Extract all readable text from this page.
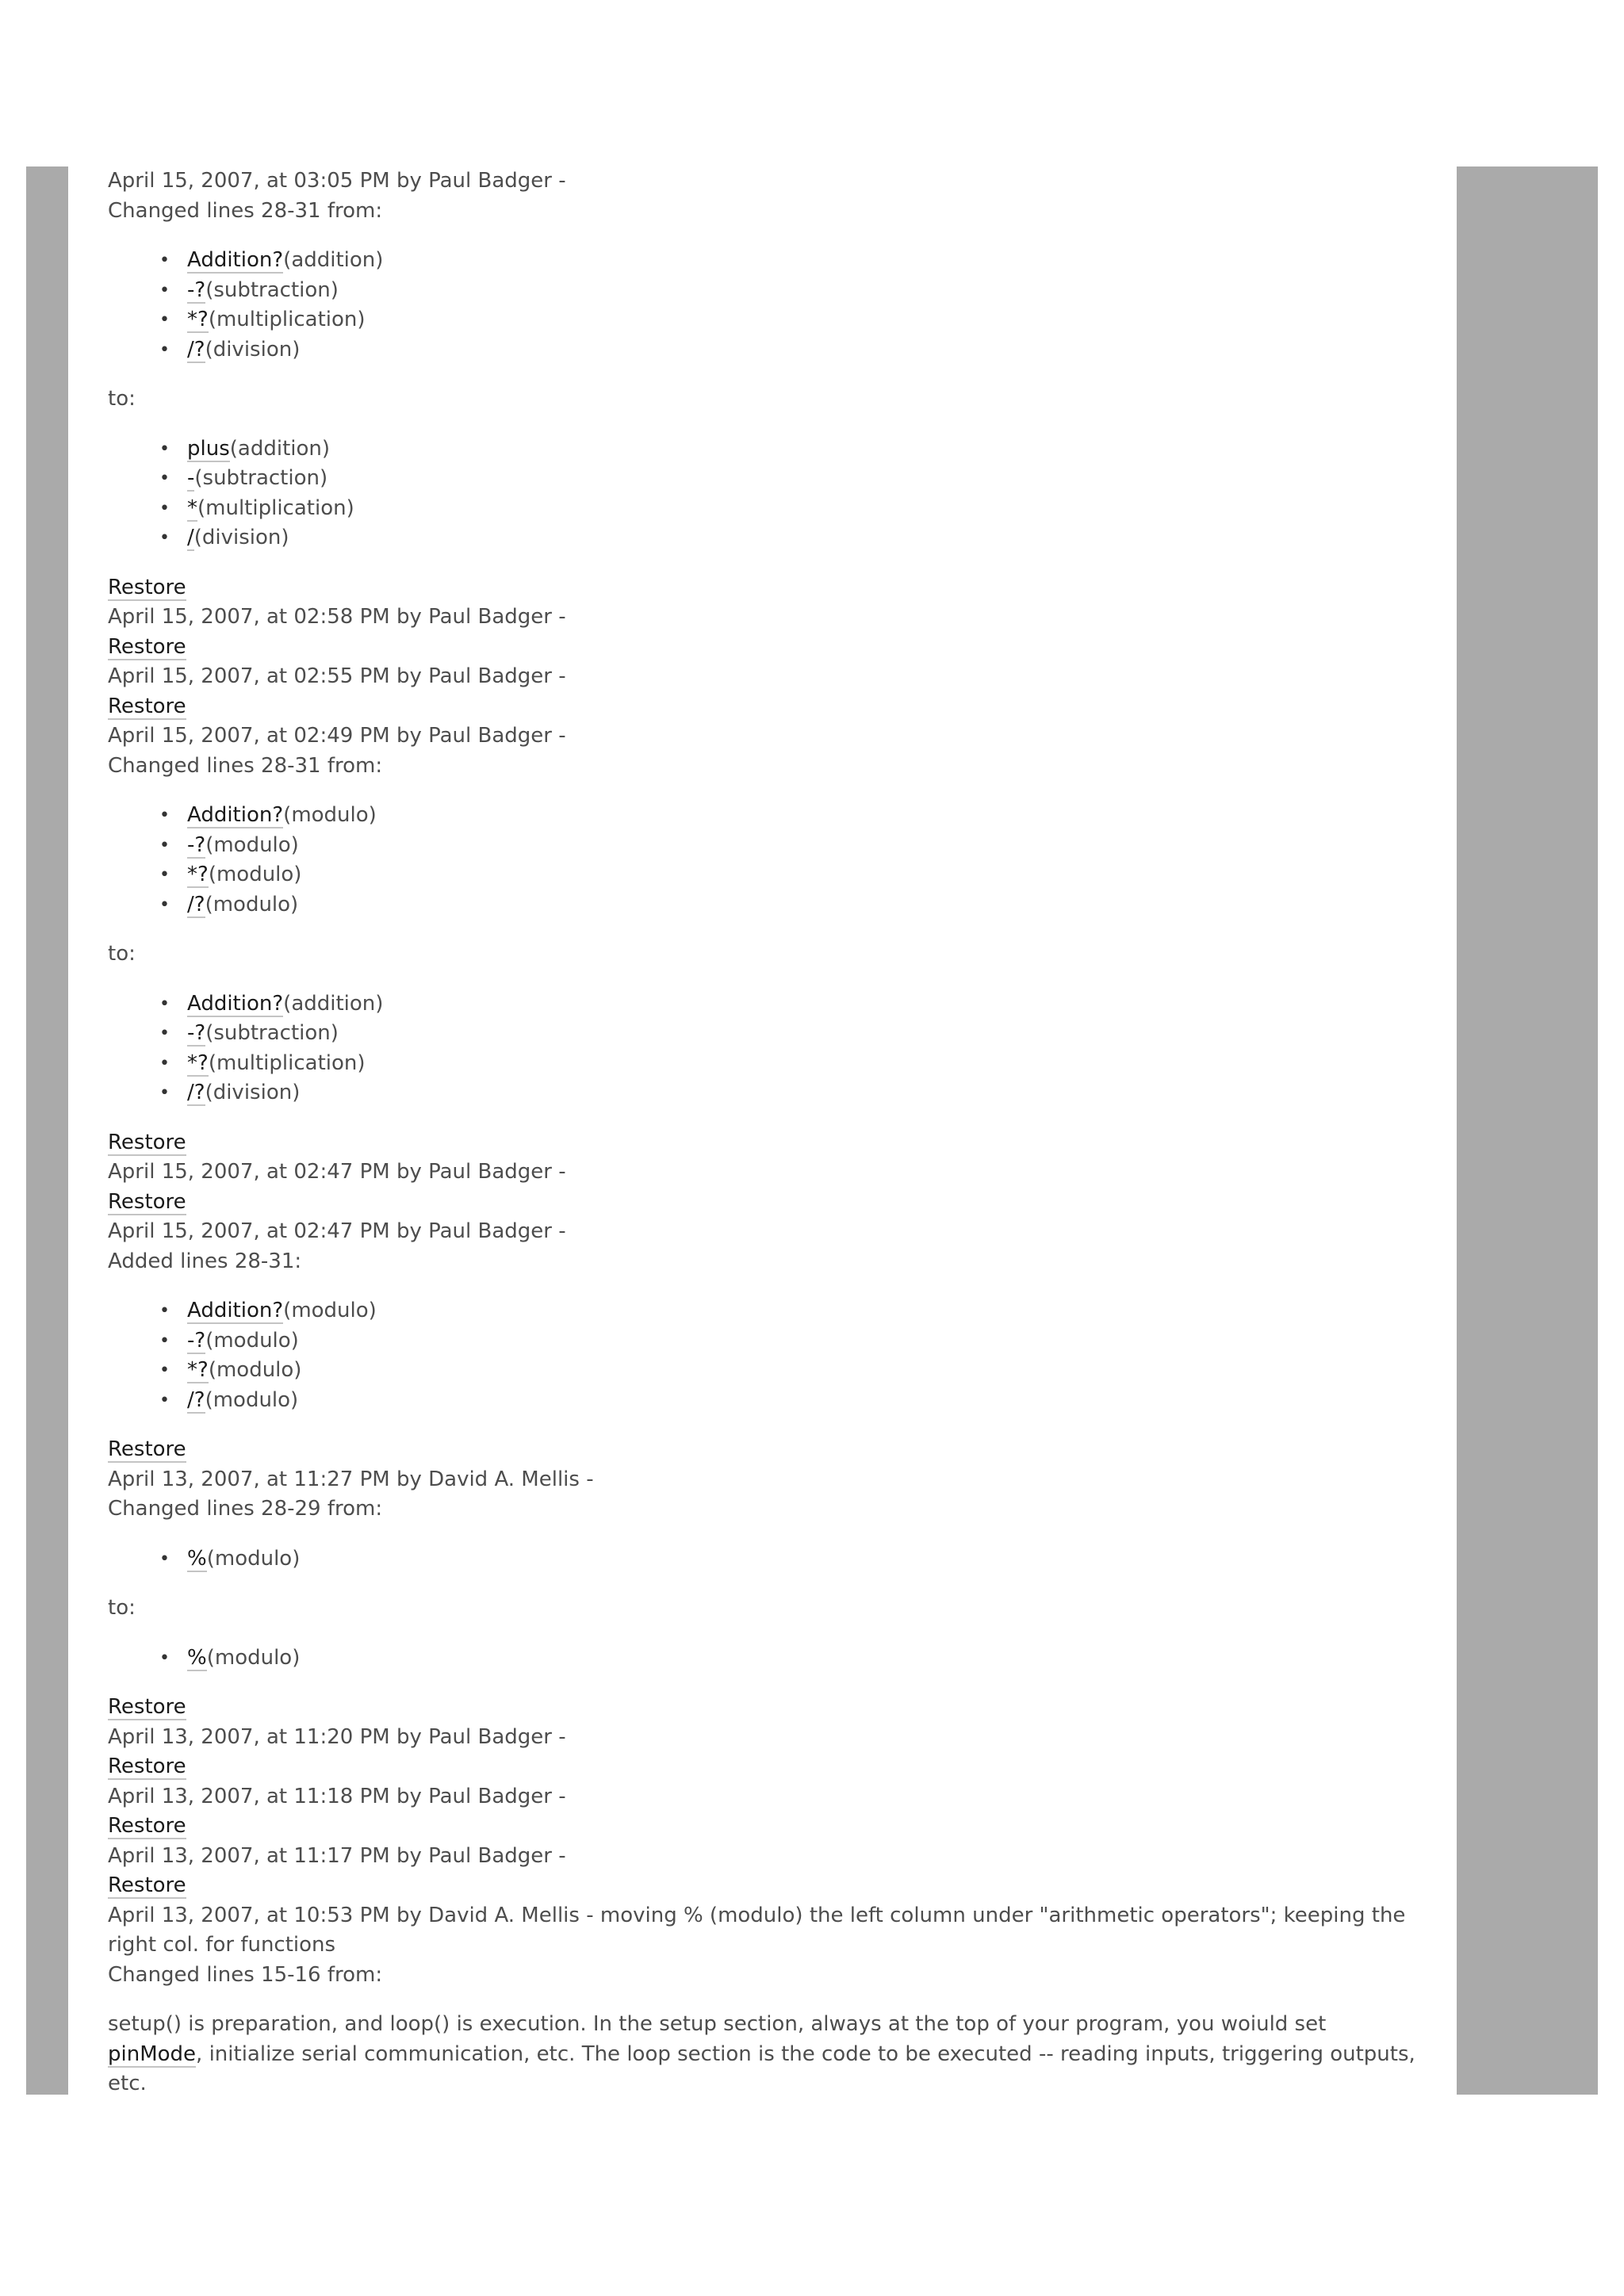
April 15, 2007, at 03:05 PM by Paul Badger -
Changed lines 28-31 from:
• Addition?(addition)
• -?(subtraction)
• *?(multiplication)
• /?(division)
to:
• plus(addition)
• -(subtraction)
• *(multiplication)
• /(division)
Restore
April 15, 2007, at 02:58 PM by Paul Badger -
Restore
April 15, 2007, at 02:55 PM by Paul Badger -
Restore
April 15, 2007, at 02:49 PM by Paul Badger -
Changed lines 28-31 from:
• Addition?(modulo)
• -?(modulo)
• *?(modulo)
• /?(modulo)
to:
• Addition?(addition)
• -?(subtraction)
• *?(multiplication)
• /?(division)
Restore
April 15, 2007, at 02:47 PM by Paul Badger -
Restore
April 15, 2007, at 02:47 PM by Paul Badger -
Added lines 28-31:
• Addition?(modulo)
• -?(modulo)
• *?(modulo)
• /?(modulo)
Restore
April 13, 2007, at 11:27 PM by David A. Mellis -
Changed lines 28-29 from:
• %(modulo)
to:
• %(modulo)
Restore
April 13, 2007, at 11:20 PM by Paul Badger -
Restore
April 13, 2007, at 11:18 PM by Paul Badger -
Restore
April 13, 2007, at 11:17 PM by Paul Badger -
Restore
April 13, 2007, at 10:53 PM by David A. Mellis - moving % (modulo) the left column under "arithmetic operators"; keeping the right col. for functions
Changed lines 15-16 from:

setup() is preparation, and loop() is execution. In the setup section, always at the top of your program, you woiuld set pinMode, initialize serial communication, etc. The loop section is the code to be executed -- reading inputs, triggering outputs, etc.
